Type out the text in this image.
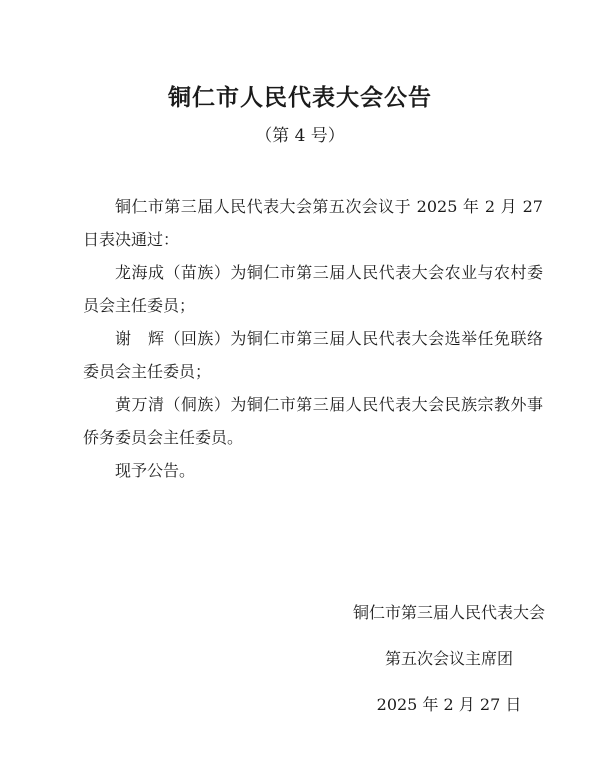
铜仁市人民代表大会公告
（第 4 号）

铜仁市第三届人民代表大会第五次会议于 2025 年 2 月 27 日表决通过：

龙海成（苗族）为铜仁市第三届人民代表大会农业与农村委员会主任委员；

谢　辉（回族）为铜仁市第三届人民代表大会选举任免联络委员会主任委员；

黄万清（侗族）为铜仁市第三届人民代表大会民族宗教外事侨务委员会主任委员。

现予公告。

铜仁市第三届人民代表大会
第五次会议主席团
2025 年 2 月 27 日
